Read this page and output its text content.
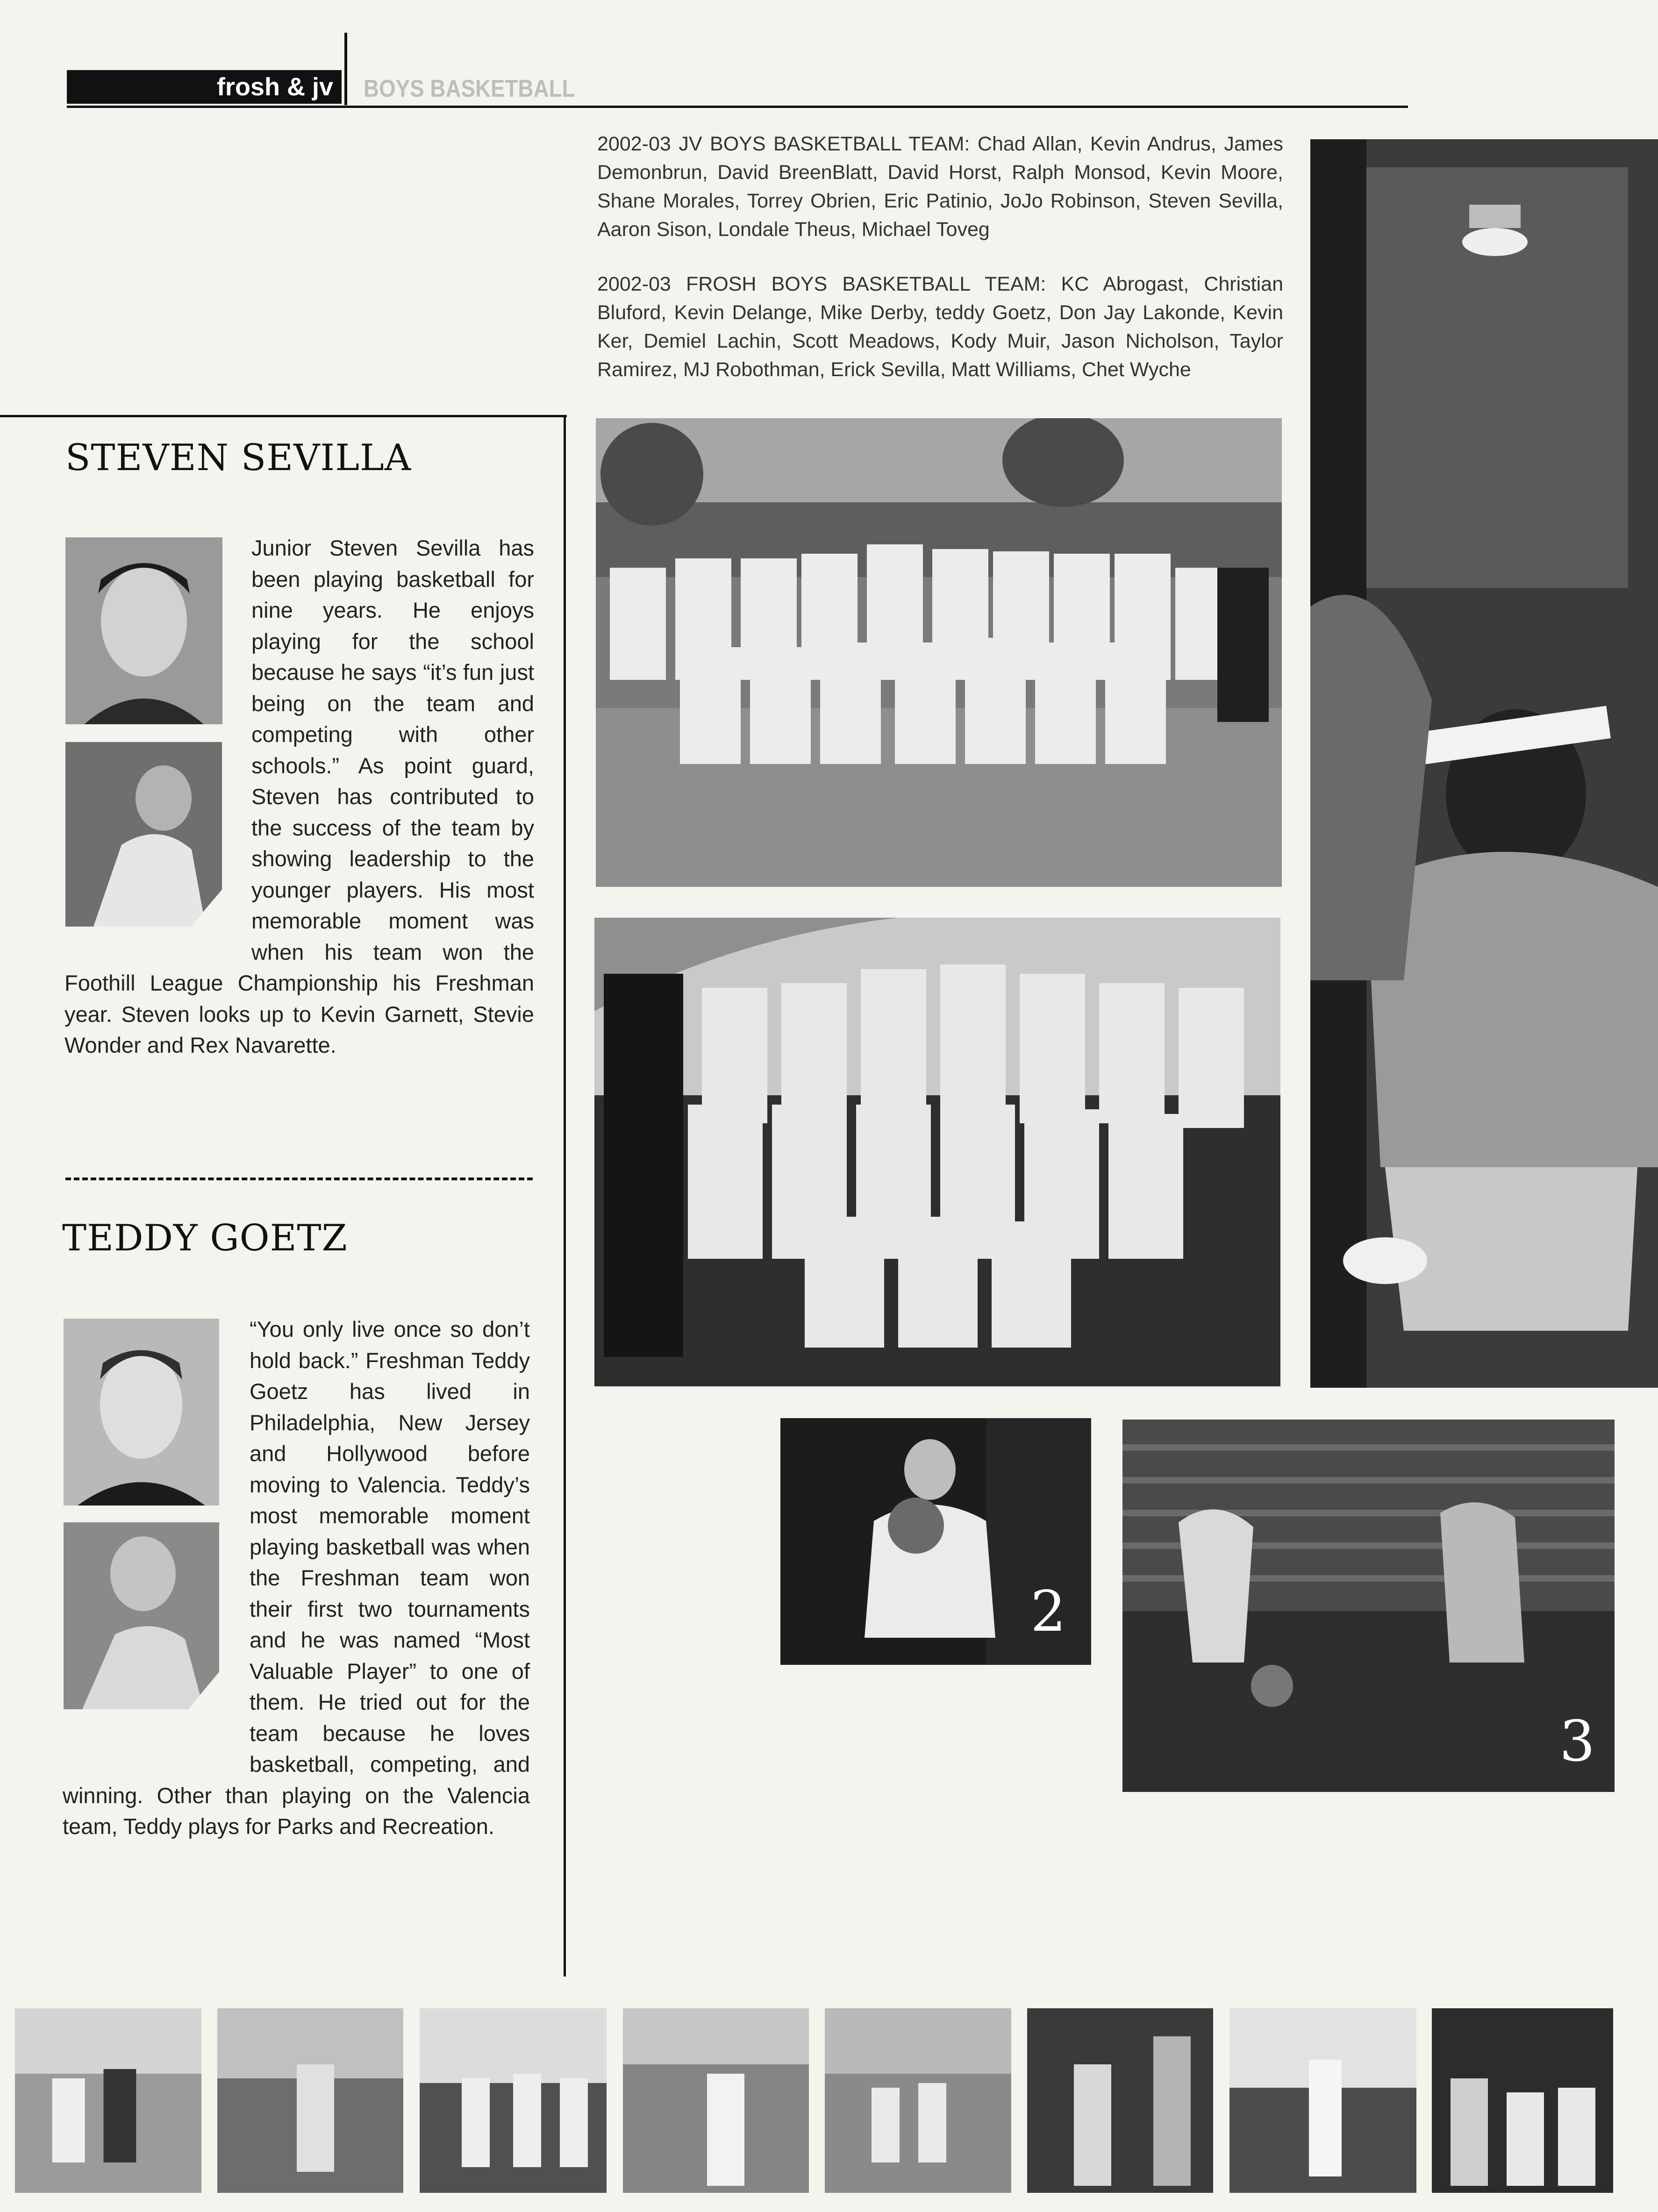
frosh & jv BOYS BASKETBALL
2002-03 JV BOYS BASKETBALL TEAM: Chad Allan, Kevin Andrus, James Demonbrun, David BreenBlatt, David Horst, Ralph Monsod, Kevin Moore, Shane Morales, Torrey Obrien, Eric Patinio, JoJo Robinson, Steven Sevilla, Aaron Sison, Londale Theus, Michael Toveg
2002-03 FROSH BOYS BASKETBALL TEAM: KC Abrogast, Christian Bluford, Kevin Delange, Mike Derby, teddy Goetz, Don Jay Lakonde, Kevin Ker, Demiel Lachin, Scott Meadows, Kody Muir, Jason Nicholson, Taylor Ramirez, MJ Robothman, Erick Sevilla, Matt Williams, Chet Wyche
STEVEN SEVILLA
Junior Steven Sevilla has been playing basketball for nine years. He enjoys playing for the school because he says “it’s fun just being on the team and competing with other schools.” As point guard, Steven has contributed to the success of the team by showing leadership to the younger players. His most memorable moment was when his team won the Foothill League Championship his Freshman year. Steven looks up to Kevin Garnett, Stevie Wonder and Rex Navarette.
TEDDY GOETZ
“You only live once so don’t hold back.” Freshman Teddy Goetz has lived in Philadelphia, New Jersey and Hollywood before moving to Valencia. Teddy’s most memorable moment playing basketball was when the Freshman team won their first two tournaments and he was named “Most Valuable Player” to one of them. He tried out for the team because he loves basketball, competing, and winning. Other than playing on the Valencia team, Teddy plays for Parks and Recreation.
2
3
